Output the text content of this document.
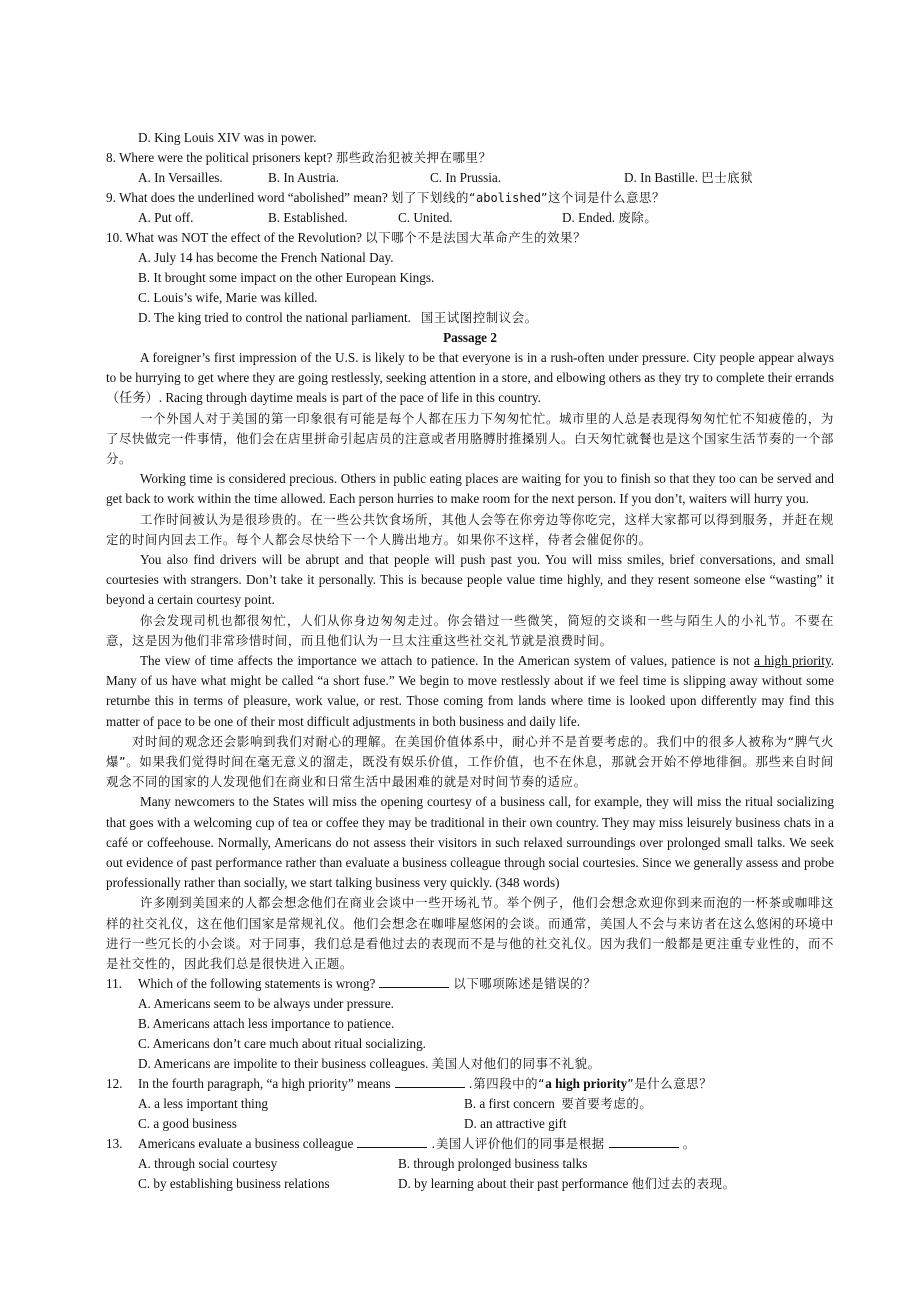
D. King Louis XIV was in power.
8. Where were the political prisoners kept? 那些政治犯被关押在哪里？
A. In Versailles.	B. In Austria.	C. In Prussia.	D. In Bastille. 巴士底狱
9. What does the underlined word “abolished” mean? 划了下划线的“abolished”这个词是什么意思？
A. Put off.	B. Established.	C. United.	D. Ended. 废除。
10. What was NOT the effect of the Revolution? 以下哪个不是法国大革命产生的效果？
A. July 14 has become the French National Day.
B. It brought some impact on the other European Kings.
C. Louis’s wife, Marie was killed.
D. The king tried to control the national parliament. 国王试图控制议会。
Passage 2

A foreigner’s first impression of the U.S. is likely to be that everyone is in a rush-often under pressure. City people appear always to be hurrying to get where they are going restlessly, seeking attention in a store, and elbowing others as they try to complete their errands （任务）. Racing through daytime meals is part of the pace of life in this country.

一个外国人对于美国的第一印象很有可能是每个人都在压力下匆匆忙忙。城市里的人总是表现得匆匆忙忙不知疲倦的，为了尽快做完一件事情，他们会在店里拼命引起店员的注意或者用胳膊肘推搡别人。白天匆忙就餐也是这个国家生活节奏的一个部分。

Working time is considered precious. Others in public eating places are waiting for you to finish so that they too can be served and get back to work within the time allowed. Each person hurries to make room for the next person. If you don’t, waiters will hurry you.

工作时间被认为是很珍贵的。在一些公共饮食场所，其他人会等在你旁边等你吃完，这样大家都可以得到服务，并赶在规定的时间内回去工作。每个人都会尽快给下一个人腾出地方。如果你不这样，侍者会催促你的。

You also find drivers will be abrupt and that people will push past you. You will miss smiles, brief conversations, and small courtesies with strangers. Don’t take it personally. This is because people value time highly, and they resent someone else “wasting” it beyond a certain courtesy point.

你会发现司机也都很匆忙，人们从你身边匆匆走过。你会错过一些微笑，简短的交谈和一些与陌生人的小礼节。不要在意，这是因为他们非常珍惜时间，而且他们认为一旦太注重这些社交礼节就是浪费时间。

The view of time affects the importance we attach to patience. In the American system of values, patience is not a high priority. Many of us have what might be called “a short fuse.” We begin to move restlessly about if we feel time is slipping away without some returnbe this in terms of pleasure, work value, or rest. Those coming from lands where time is looked upon differently may find this matter of pace to be one of their most difficult adjustments in both business and daily life.

对时间的观念还会影响到我们对耐心的理解。在美国价值体系中，耐心并不是首要考虑的。我们中的很多人被称为“脾气火爆”。如果我们觉得时间在毫无意义的溜走，既没有娱乐价值，工作价值，也不在休息，那就会开始不停地徘徊。那些来自时间观念不同的国家的人发现他们在商业和日常生活中最困难的就是对时间节奏的适应。

Many newcomers to the States will miss the opening courtesy of a business call, for example, they will miss the ritual socializing that goes with a welcoming cup of tea or coffee they may be traditional in their own country. They may miss leisurely business chats in a café or coffeehouse. Normally, Americans do not assess their visitors in such relaxed surroundings over prolonged small talks. We seek out evidence of past performance rather than evaluate a business colleague through social courtesies. Since we generally assess and probe professionally rather than socially, we start talking business very quickly. (348 words)

许多刚到美国来的人都会想念他们在商业会谈中一些开场礼节。举个例子，他们会想念欢迎你到来而泡的一杯茶或咖啡这样的社交礼仪，这在他们国家是常规礼仪。他们会想念在咖啡屋悠闲的会谈。而通常，美国人不会与来访者在这么悠闲的环境中进行一些冗长的小会谈。对于同事，我们总是看他过去的表现而不是与他的社交礼仪。因为我们一般都是更注重专业性的，而不是社交性的，因此我们总是很快进入正题。

11. Which of the following statements is wrong?	以下哪项陈述是错误的？
A. Americans seem to be always under pressure.
B. Americans attach less importance to patience.
C. Americans don’t care much about ritual socializing.
D. Americans are impolite to their business colleagues. 美国人对他们的同事不礼貌。
12. In the fourth paragraph, “a high priority” means	.第四段中的“a high priority”是什么意思？
A. a less important thing	B. a first concern 要首要考虑的。
C. a good business	D. an attractive gift
13. Americans evaluate a business colleague	.美国人评价他们的同事是根据	。
A. through social courtesy	B. through prolonged business talks
C. by establishing business relations	D. by learning about their past performance 他们过去的表现。
